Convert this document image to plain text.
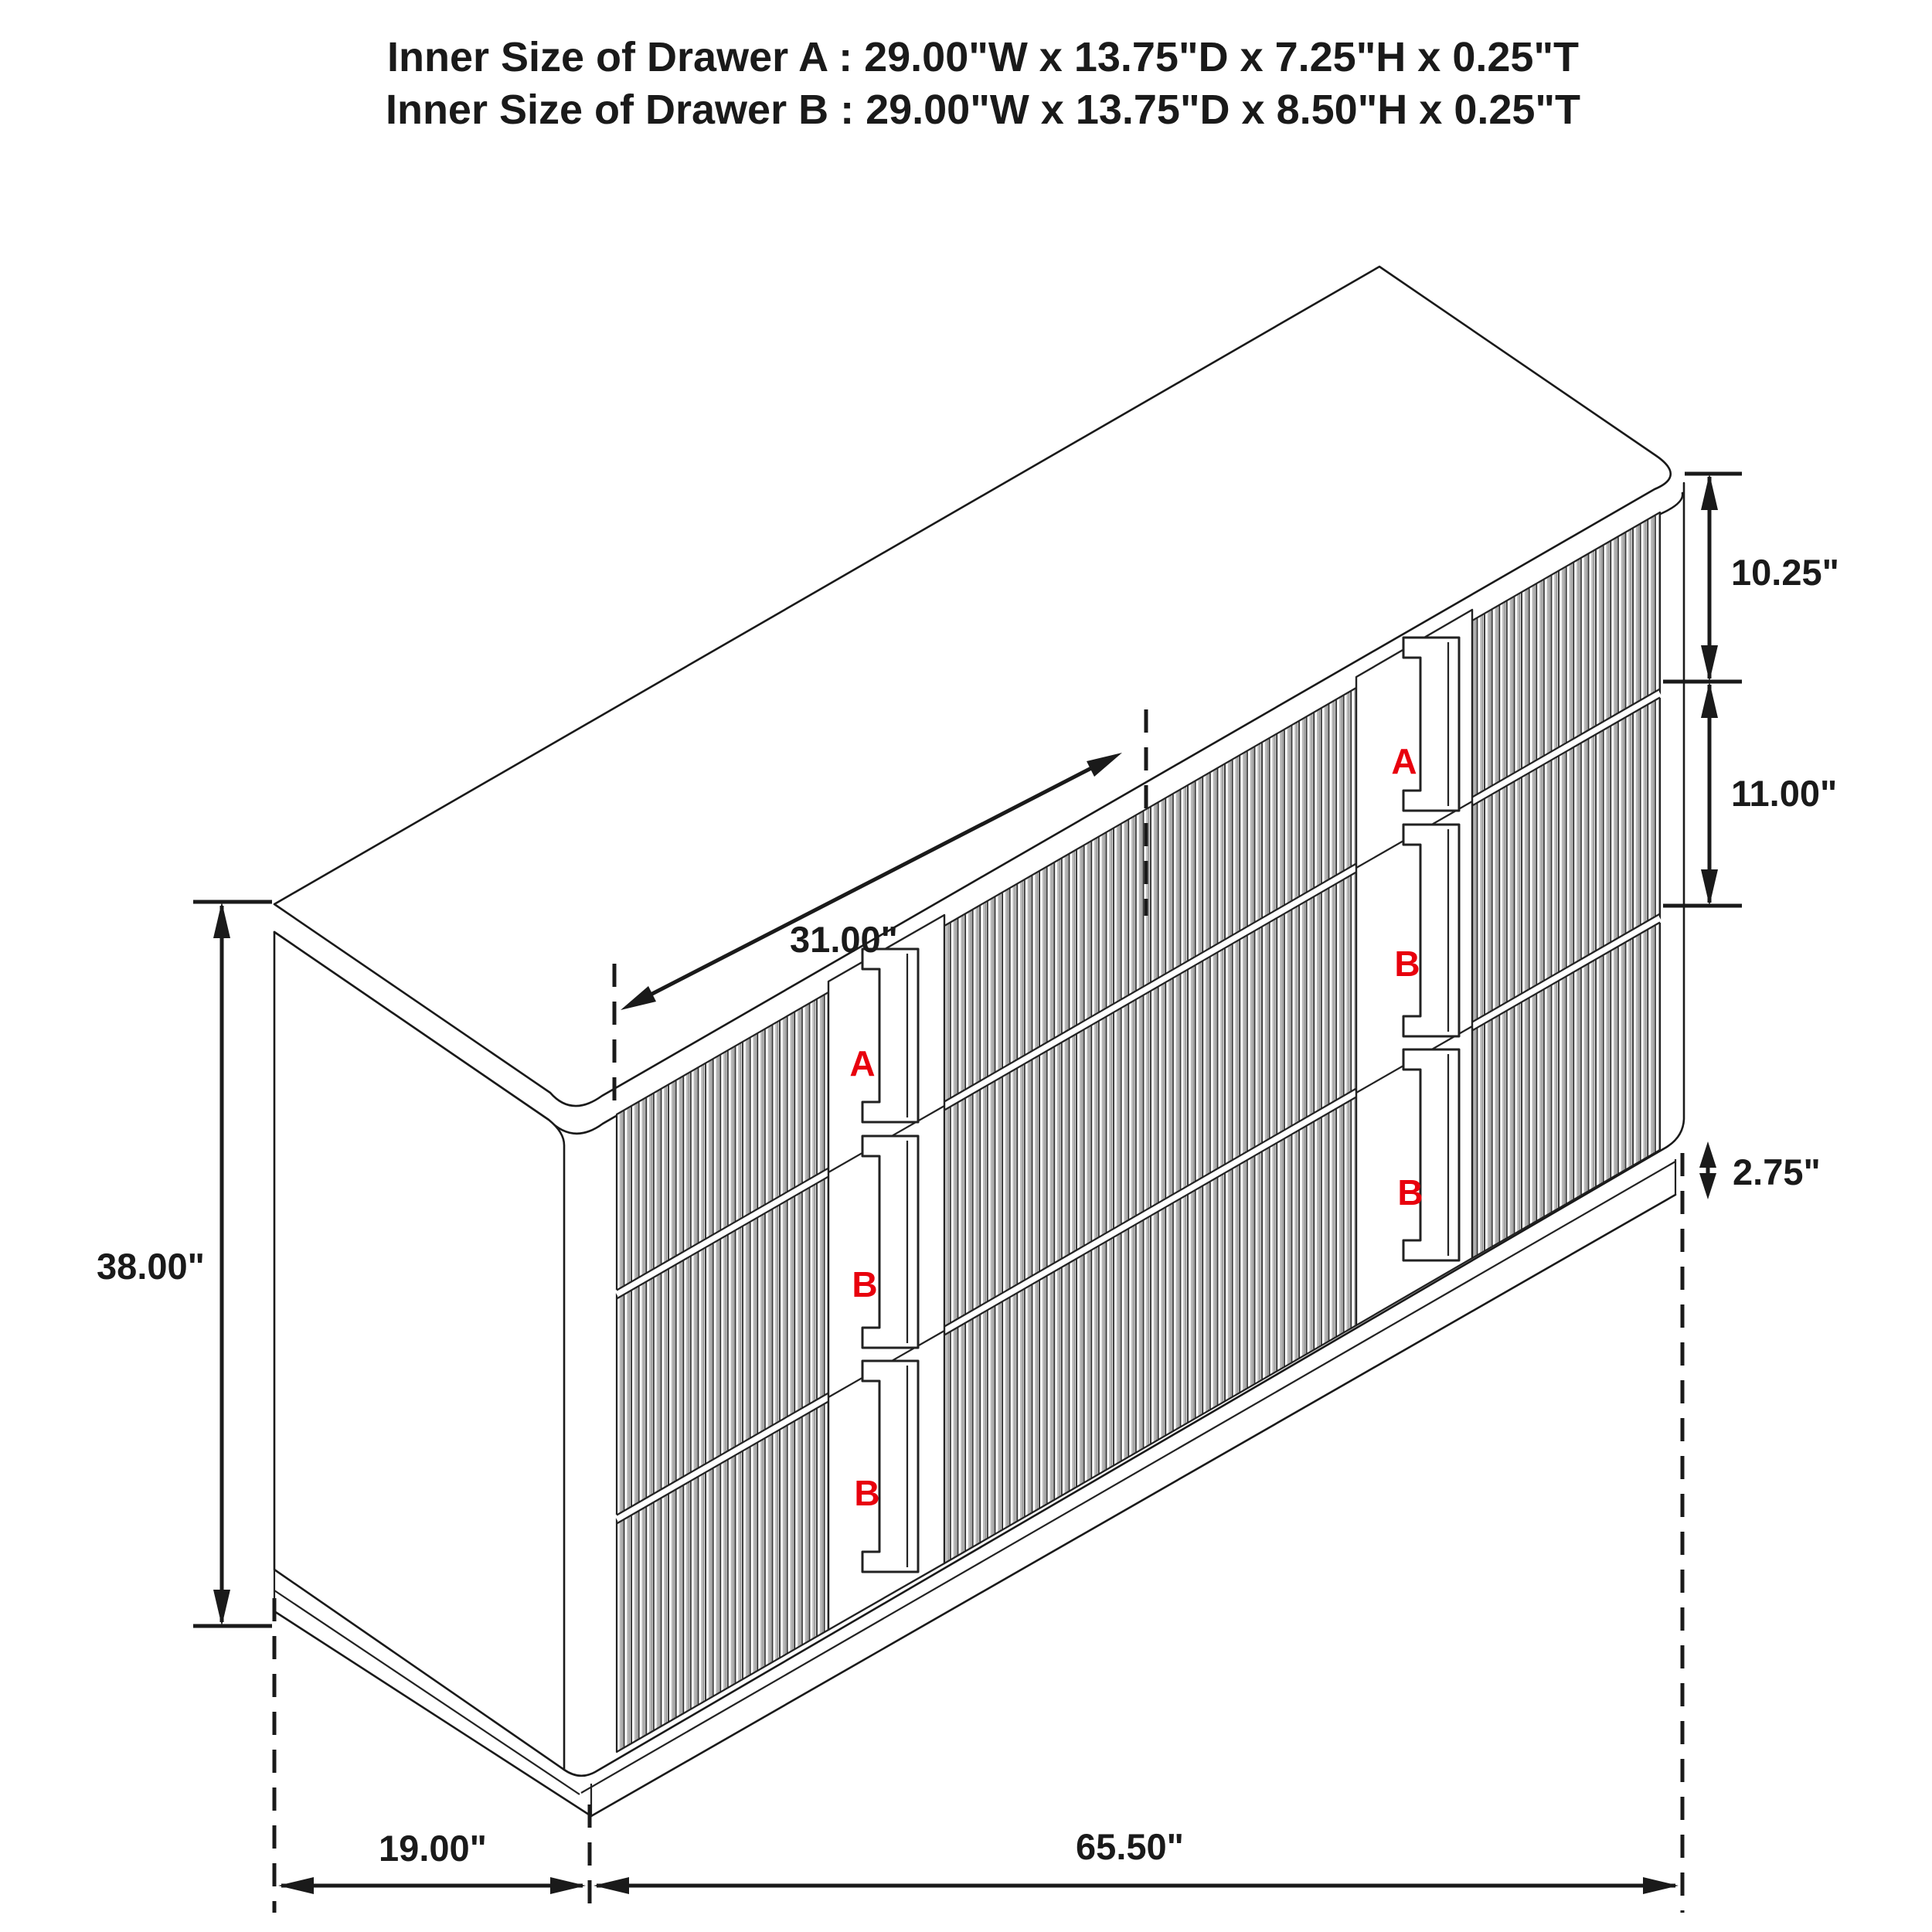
Inner Size of Drawer A : 29.00"W x 13.75"D x 7.25"H x 0.25"T
Inner Size of Drawer B : 29.00"W x 13.75"D x 8.50"H x 0.25"T
A
B
B
A
B
B
38.00"
31.00"
10.25"
11.00"
2.75"
19.00"	65.50"
